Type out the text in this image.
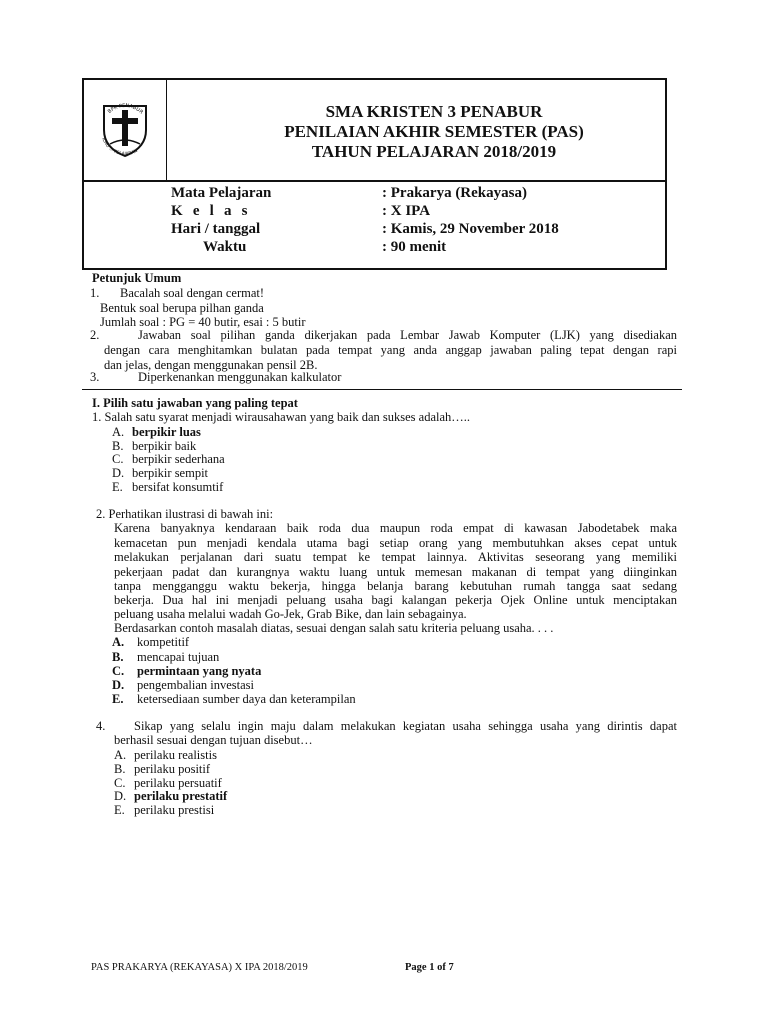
BPK PENABUR
ILMU ... PELAJARAN
SMA KRISTEN 3 PENABUR
PENILAIAN AKHIR SEMESTER (PAS)
TAHUN PELAJARAN 2018/2019
Mata Pelajaran	: Prakarya (Rekayasa)
K e l a s	: X IPA
Hari / tanggal	: Kamis, 29 November 2018
Waktu	: 90 menit
Petunjuk Umum
1. Bacalah soal dengan cermat!
Bentuk soal berupa pilhan ganda
Jumlah soal : PG = 40 butir, esai : 5 butir
2.	Jawaban soal pilihan ganda dikerjakan pada Lembar Jawab Komputer (LJK) yang disediakan
dengan cara menghitamkan bulatan pada tempat yang anda anggap jawaban paling tepat dengan rapi
dan jelas, dengan menggunakan pensil 2B.
3.	Diperkenankan menggunakan kalkulator
I. Pilih satu jawaban yang paling tepat
1. Salah satu syarat menjadi wirausahawan yang baik dan sukses adalah…..
A. berpikir luas
B. berpikir baik
C. berpikir sederhana
D. berpikir sempit
E. bersifat konsumtif
2. Perhatikan ilustrasi di bawah ini:
Karena banyaknya kendaraan baik roda dua maupun roda empat di kawasan Jabodetabek maka
kemacetan pun menjadi kendala utama bagi setiap orang yang membutuhkan akses cepat untuk
melakukan perjalanan dari suatu tempat ke tempat lainnya. Aktivitas seseorang yang memiliki
pekerjaan padat dan kurangnya waktu luang untuk memesan makanan di tempat yang diinginkan
tanpa mengganggu waktu bekerja, hingga belanja barang kebutuhan rumah tangga saat sedang
bekerja. Dua hal ini menjadi peluang usaha bagi kalangan pekerja Ojek Online untuk menciptakan
peluang usaha melalui wadah Go-Jek, Grab Bike, dan lain sebagainya.
Berdasarkan contoh masalah diatas, sesuai dengan salah satu kriteria peluang usaha. . . .
A. kompetitif
B. mencapai tujuan
C. permintaan yang nyata
D. pengembalian investasi
E. ketersediaan sumber daya dan keterampilan
4. Sikap yang selalu ingin maju dalam melakukan kegiatan usaha sehingga usaha yang dirintis dapat
berhasil sesuai dengan tujuan disebut…
A. perilaku realistis
B. perilaku positif
C. perilaku persuatif
D. perilaku prestatif
E. perilaku prestisi
PAS PRAKARYA (REKAYASA) X IPA 2018/2019	Page 1 of 7
